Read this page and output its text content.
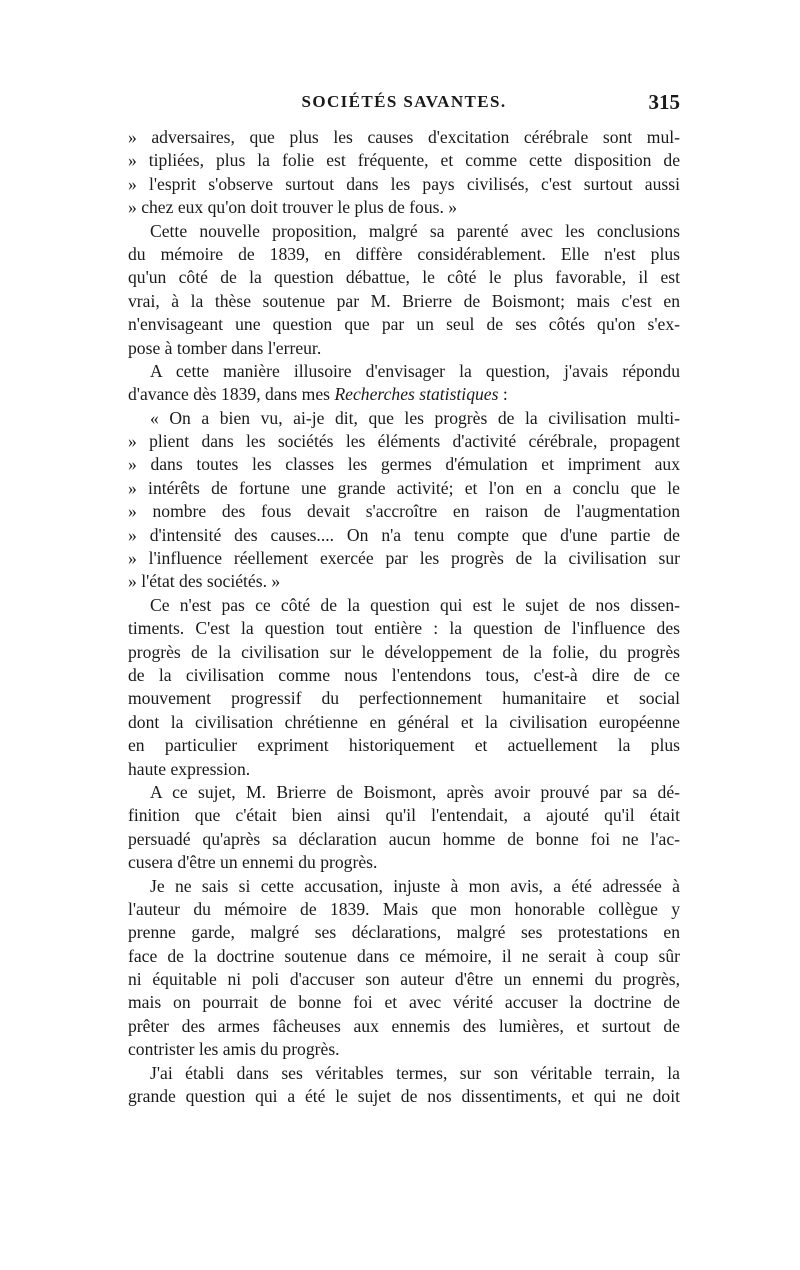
SOCIÉTÉS SAVANTES.	315
» adversaires, que plus les causes d'excitation cérébrale sont mul-
» tipliées, plus la folie est fréquente, et comme cette disposition de
» l'esprit s'observe surtout dans les pays civilisés, c'est surtout aussi
» chez eux qu'on doit trouver le plus de fous. »
Cette nouvelle proposition, malgré sa parenté avec les conclusions
du mémoire de 1839, en diffère considérablement. Elle n'est plus
qu'un côté de la question débattue, le côté le plus favorable, il est
vrai, à la thèse soutenue par M. Brierre de Boismont; mais c'est en
n'envisageant une question que par un seul de ses côtés qu'on s'ex-
pose à tomber dans l'erreur.
A cette manière illusoire d'envisager la question, j'avais répondu
d'avance dès 1839, dans mes Recherches statistiques :
« On a bien vu, ai-je dit, que les progrès de la civilisation multi-
» plient dans les sociétés les éléments d'activité cérébrale, propagent
» dans toutes les classes les germes d'émulation et impriment aux
» intérêts de fortune une grande activité; et l'on en a conclu que le
» nombre des fous devait s'accroître en raison de l'augmentation
» d'intensité des causes.... On n'a tenu compte que d'une partie de
» l'influence réellement exercée par les progrès de la civilisation sur
» l'état des sociétés. »
Ce n'est pas ce côté de la question qui est le sujet de nos dissen-
timents. C'est la question tout entière : la question de l'influence des
progrès de la civilisation sur le développement de la folie, du progrès
de la civilisation comme nous l'entendons tous, c'est-à dire de ce
mouvement progressif du perfectionnement humanitaire et social
dont la civilisation chrétienne en général et la civilisation européenne
en particulier expriment historiquement et actuellement la plus
haute expression.
A ce sujet, M. Brierre de Boismont, après avoir prouvé par sa dé-
finition que c'était bien ainsi qu'il l'entendait, a ajouté qu'il était
persuadé qu'après sa déclaration aucun homme de bonne foi ne l'ac-
cusera d'être un ennemi du progrès.
Je ne sais si cette accusation, injuste à mon avis, a été adressée à
l'auteur du mémoire de 1839. Mais que mon honorable collègue y
prenne garde, malgré ses déclarations, malgré ses protestations en
face de la doctrine soutenue dans ce mémoire, il ne serait à coup sûr
ni équitable ni poli d'accuser son auteur d'être un ennemi du progrès,
mais on pourrait de bonne foi et avec vérité accuser la doctrine de
prêter des armes fâcheuses aux ennemis des lumières, et surtout de
contrister les amis du progrès.
J'ai établi dans ses véritables termes, sur son véritable terrain, la
grande question qui a été le sujet de nos dissentiments, et qui ne doit
